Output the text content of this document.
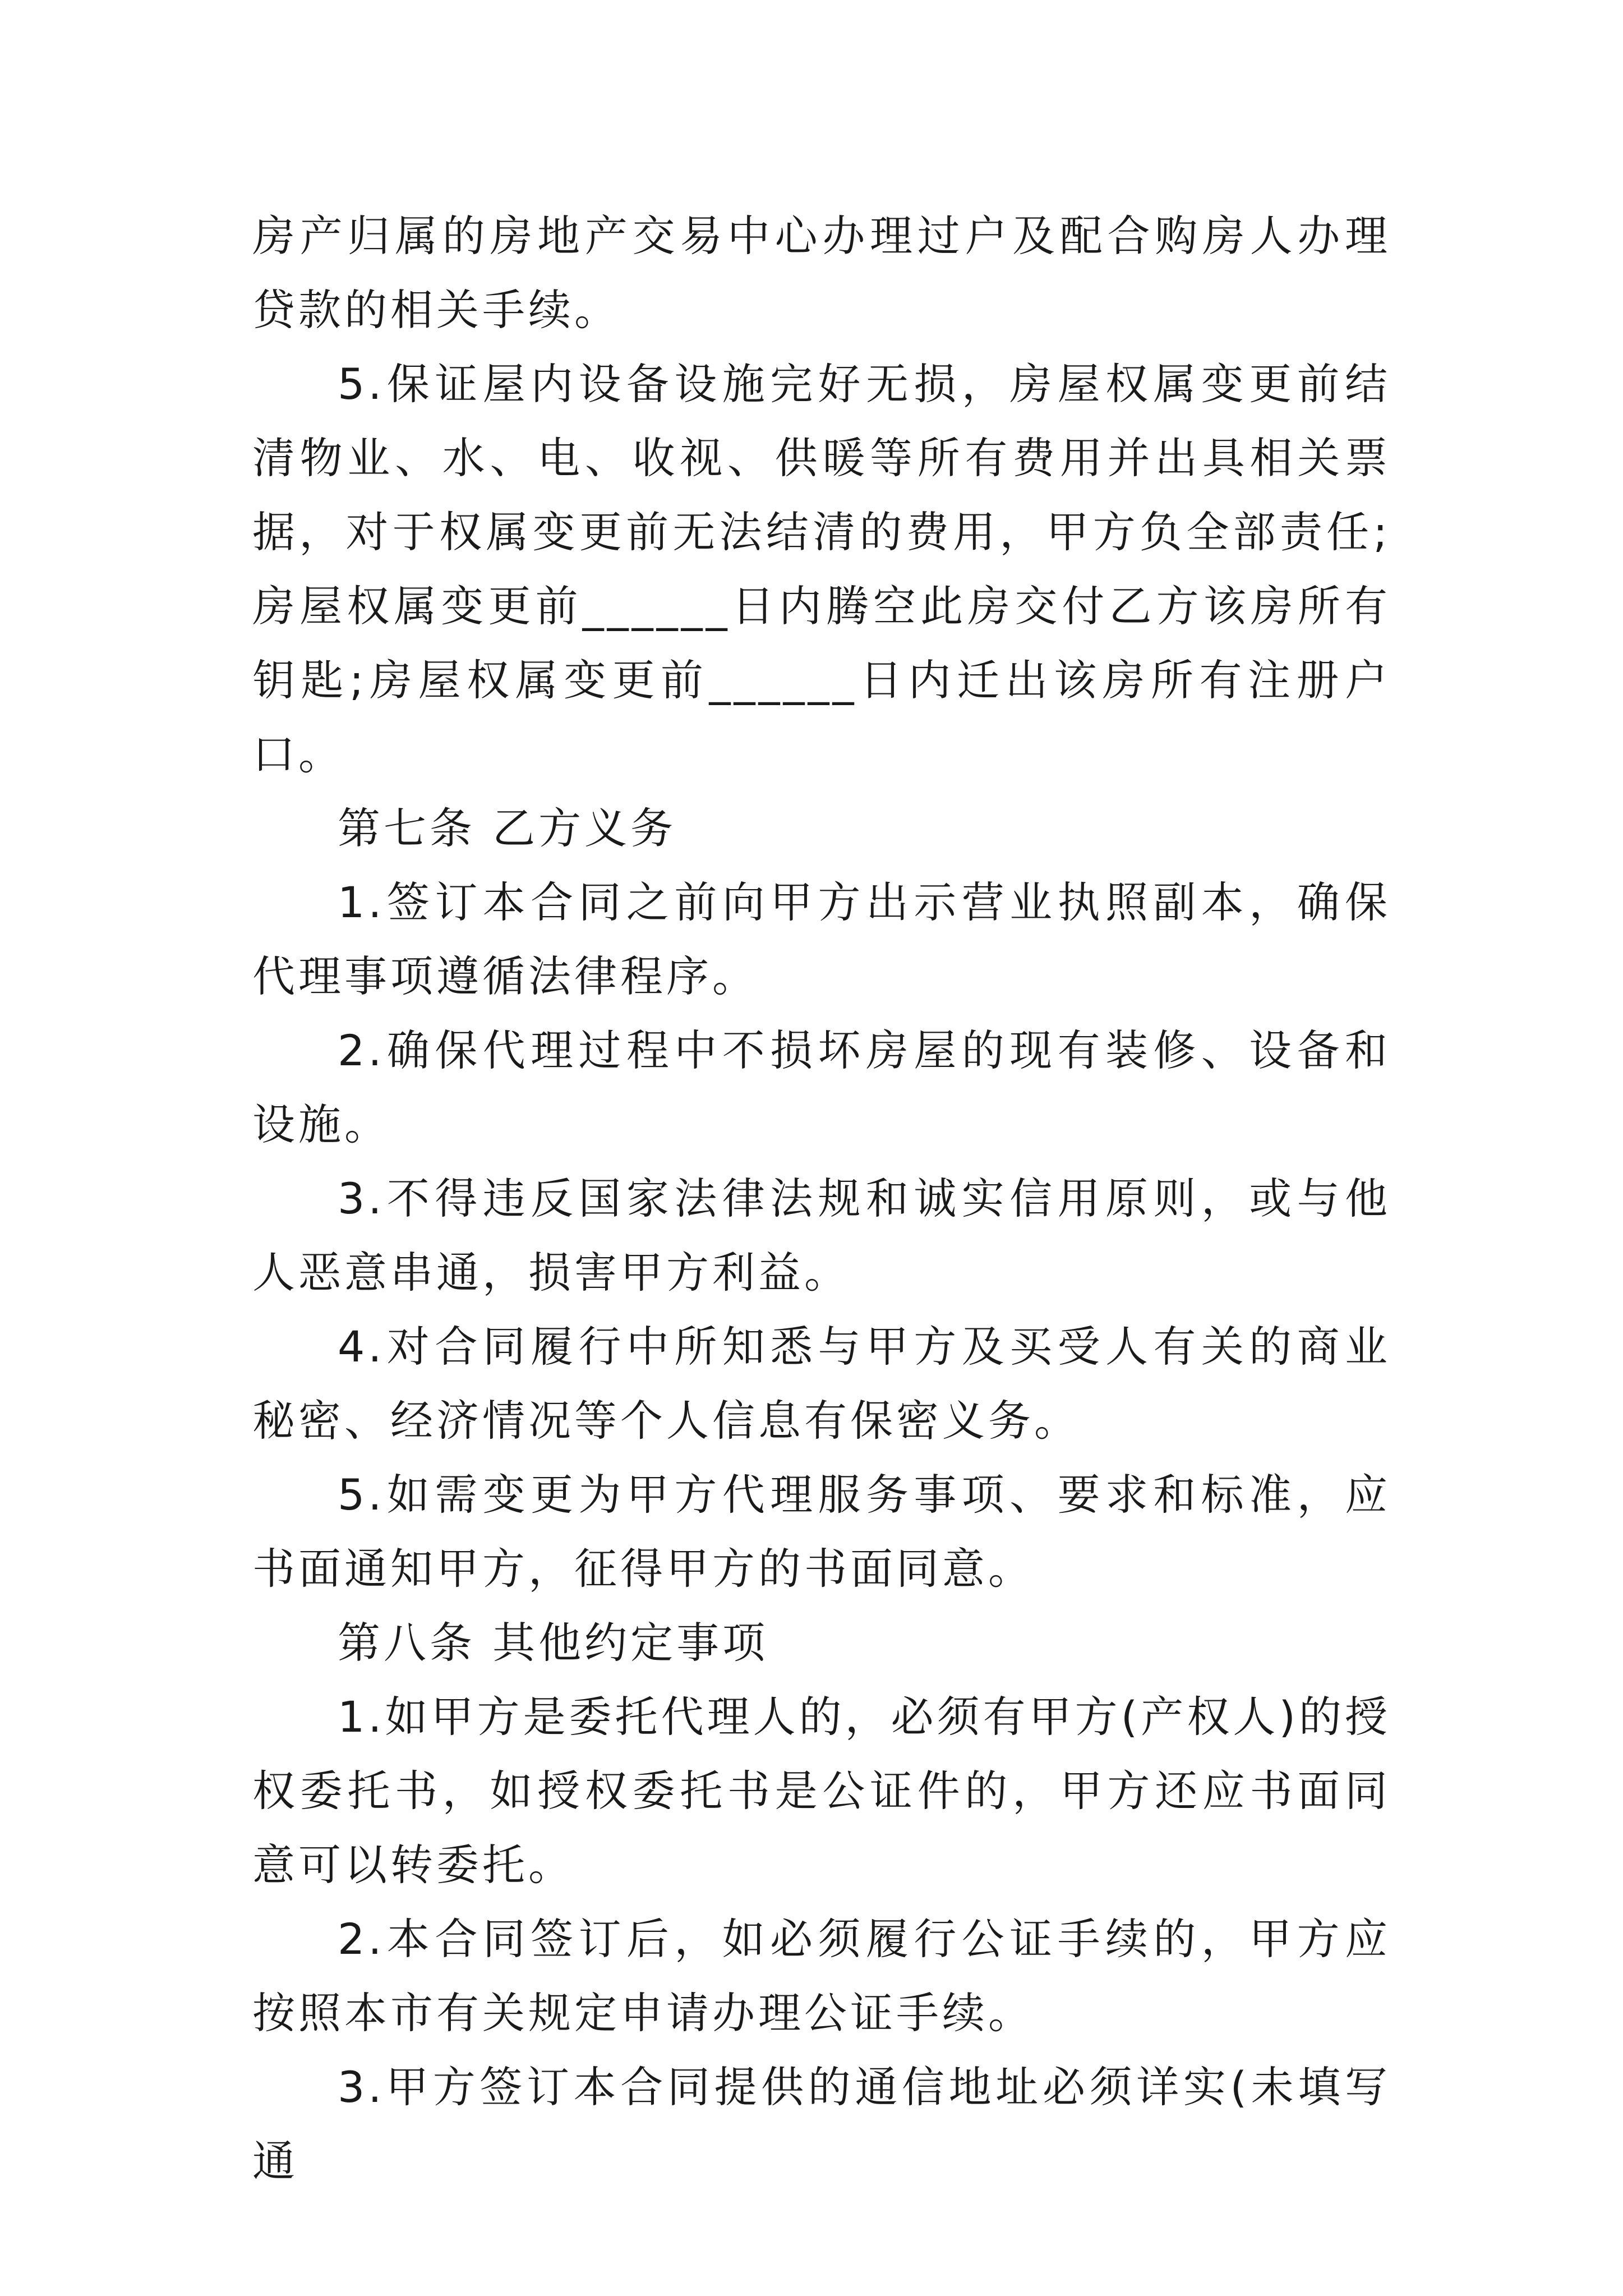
房产归属的房地产交易中心办理过户及配合购房人办理贷款的相关手续。

5.保证屋内设备设施完好无损，房屋权属变更前结清物业、水、电、收视、供暖等所有费用并出具相关票据，对于权属变更前无法结清的费用，甲方负全部责任;房屋权属变更前______日内腾空此房交付乙方该房所有钥匙;房屋权属变更前______日内迁出该房所有注册户口。

第七条 乙方义务

1.签订本合同之前向甲方出示营业执照副本，确保代理事项遵循法律程序。

2.确保代理过程中不损坏房屋的现有装修、设备和设施。

3.不得违反国家法律法规和诚实信用原则，或与他人恶意串通，损害甲方利益。

4.对合同履行中所知悉与甲方及买受人有关的商业秘密、经济情况等个人信息有保密义务。

5.如需变更为甲方代理服务事项、要求和标准，应书面通知甲方，征得甲方的书面同意。

第八条 其他约定事项

1.如甲方是委托代理人的，必须有甲方(产权人)的授权委托书，如授权委托书是公证件的，甲方还应书面同意可以转委托。

2.本合同签订后，如必须履行公证手续的，甲方应按照本市有关规定申请办理公证手续。

3.甲方签订本合同提供的通信地址必须详实(未填写通
